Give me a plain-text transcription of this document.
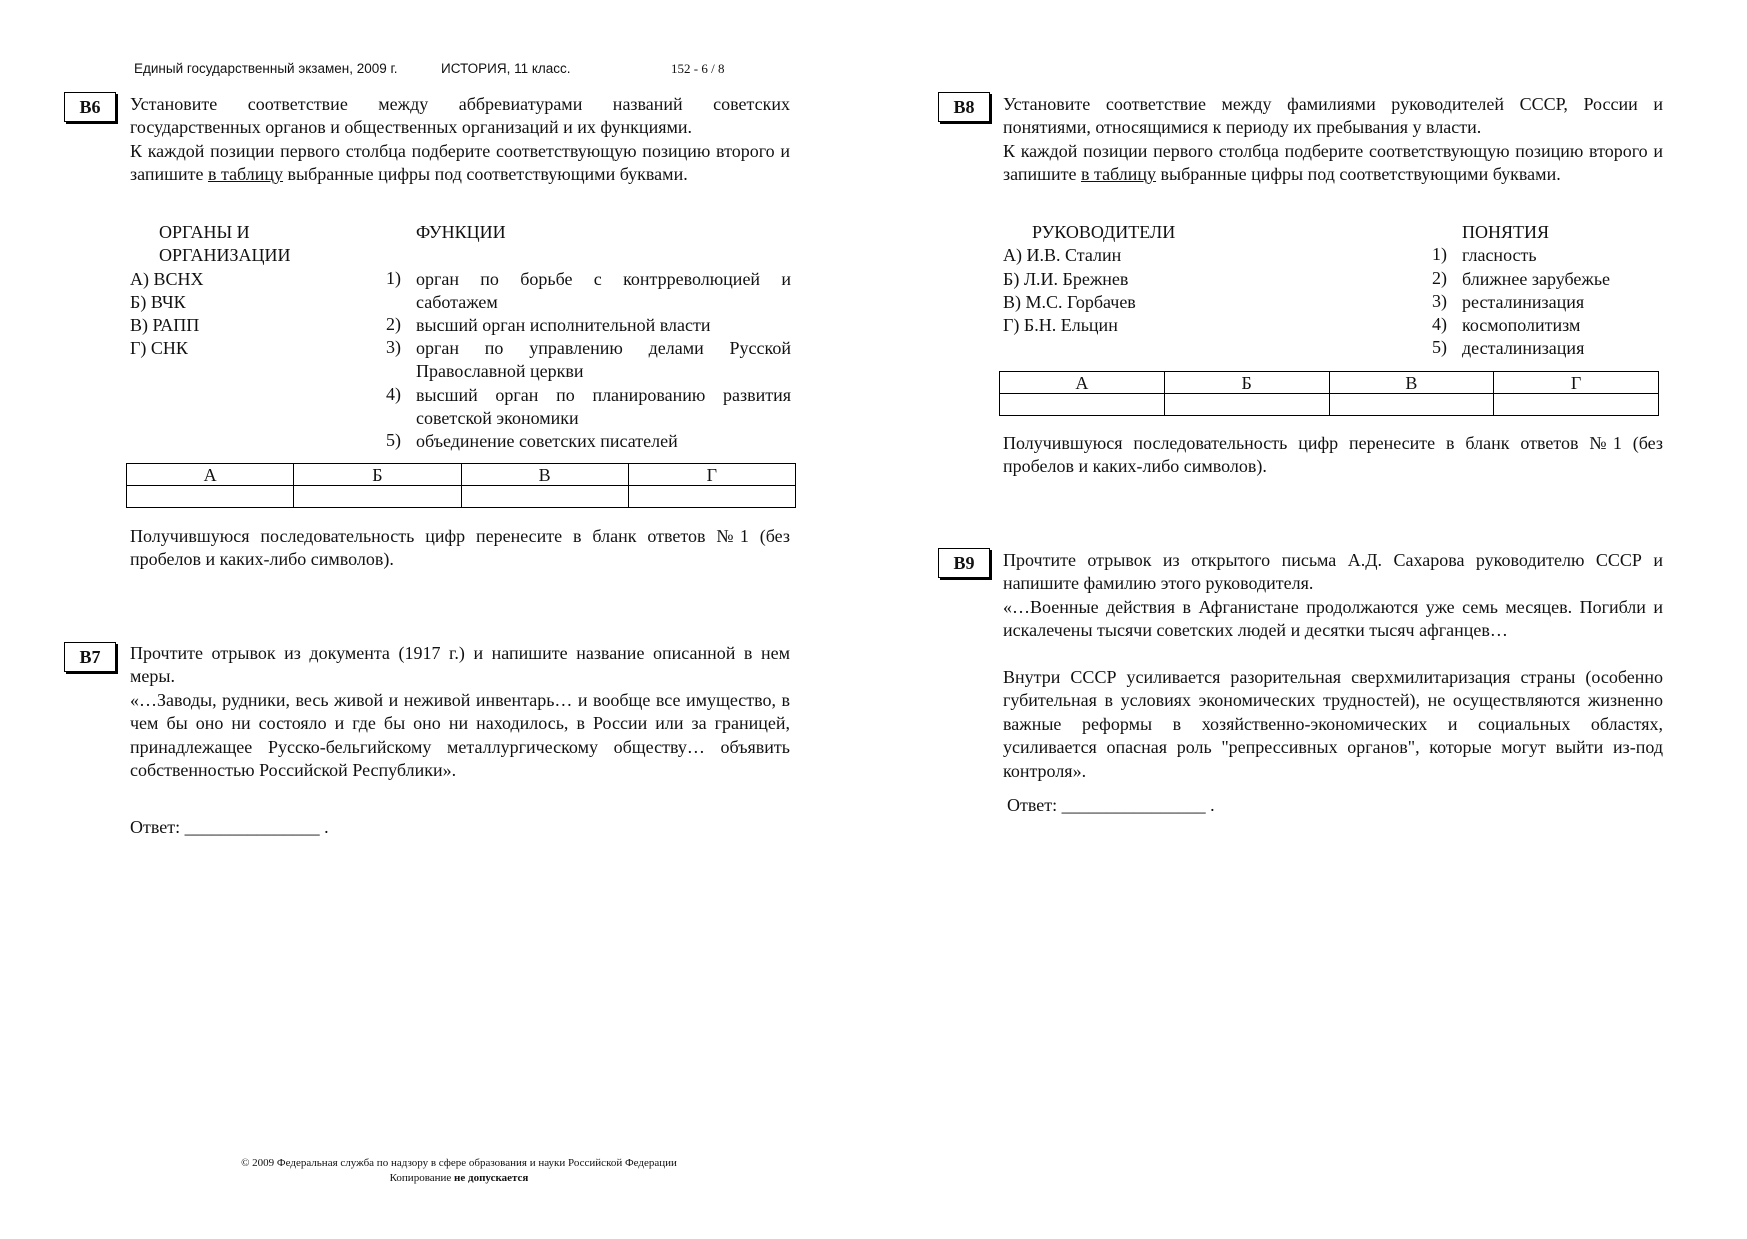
Единый государственный экзамен, 2009 г.	ИСТОРИЯ, 11 класс.	152 - 6 / 8
В6	Установите соответствие между аббревиатурами названий советских государственных органов и общественных организаций и их функциями.

К каждой позиции первого столбца подберите соответствующую позицию второго и запишите в таблицу выбранные цифры под соответствующими буквами.

ОРГАНЫ И
ОРГАНИЗАЦИИ
ФУНКЦИИ
А) ВСНХ
Б) ВЧК
В) РАПП
Г) СНК
1) орган по борьбе с контрреволюцией и
саботажем
2) высший орган исполнительной власти
3) орган по управлению делами Русской
Православной церкви
4) высший орган по планированию развития
советской экономики
5) объединение советских писателей
А	Б	В	Г

Получившуюся последовательность цифр перенесите в бланк ответов №1 (без пробелов и каких-либо символов).
В7	Прочтите отрывок из документа (1917 г.) и напишите название описанной в нем меры.
«…Заводы, рудники, весь живой и неживой инвентарь… и вообще все имущество, в чем бы оно ни состояло и где бы оно ни находилось, в России или за границей, принадлежащее Русско-бельгийскому металлургическому обществу… объявить собственностью Российской Республики».
Ответ: _______________ .
В8	Установите соответствие между фамилиями руководителей СССР, России и понятиями, относящимися к периоду их пребывания у власти.

К каждой позиции первого столбца подберите соответствующую позицию второго и запишите в таблицу выбранные цифры под соответствующими буквами.

РУКОВОДИТЕЛИ	ПОНЯТИЯ
А) И.В. Сталин
Б) Л.И. Брежнев
В) М.С. Горбачев
Г) Б.Н. Ельцин
1) гласность
2) ближнее зарубежье
3) ресталинизация
4) космополитизм
5) десталинизация
А	Б	В	Г

Получившуюся последовательность цифр перенесите в бланк ответов №1 (без пробелов и каких-либо символов).
В9	Прочтите отрывок из открытого письма А.Д. Сахарова руководителю СССР и напишите фамилию этого руководителя.
«…Военные действия в Афганистане продолжаются уже семь месяцев. Погибли и искалечены тысячи советских людей и десятки тысяч афганцев…
Внутри СССР усиливается разорительная сверхмилитаризация страны (особенно губительная в условиях экономических трудностей), не осуществляются жизненно важные реформы в хозяйственно-экономических и социальных областях, усиливается опасная роль "репрессивных органов", которые могут выйти из-под контроля».
Ответ: ________________ .
© 2009 Федеральная служба по надзору в сфере образования и науки Российской Федерации
Копирование не допускается
